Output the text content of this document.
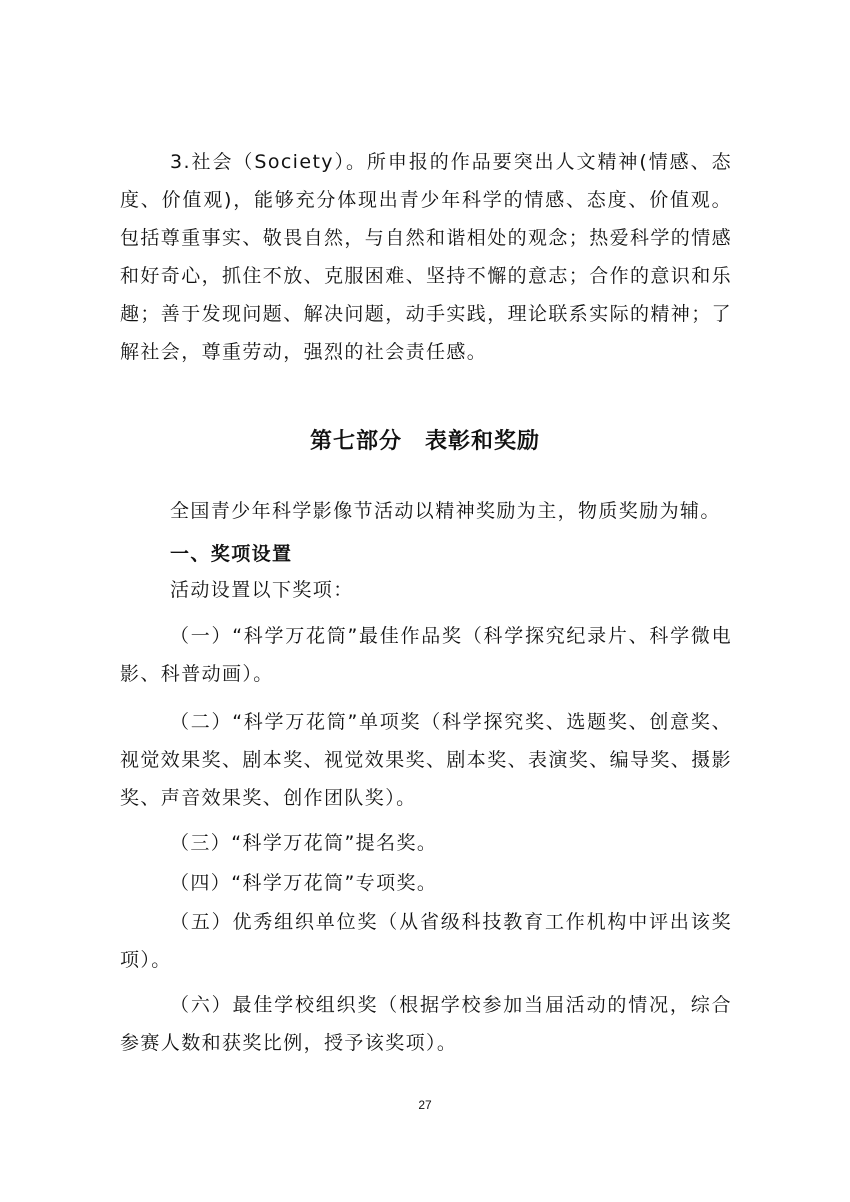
3.社会（Society）。所申报的作品要突出人文精神(情感、态度、价值观)，能够充分体现出青少年科学的情感、态度、价值观。包括尊重事实、敬畏自然，与自然和谐相处的观念；热爱科学的情感和好奇心，抓住不放、克服困难、坚持不懈的意志；合作的意识和乐趣；善于发现问题、解决问题，动手实践，理论联系实际的精神；了解社会，尊重劳动，强烈的社会责任感。

第七部分　表彰和奖励

全国青少年科学影像节活动以精神奖励为主，物质奖励为辅。

一、奖项设置

活动设置以下奖项：

（一）“科学万花筒”最佳作品奖（科学探究纪录片、科学微电影、科普动画）。

（二）“科学万花筒”单项奖（科学探究奖、选题奖、创意奖、视觉效果奖、剧本奖、视觉效果奖、剧本奖、表演奖、编导奖、摄影奖、声音效果奖、创作团队奖）。

（三）“科学万花筒”提名奖。

（四）“科学万花筒”专项奖。

（五）优秀组织单位奖（从省级科技教育工作机构中评出该奖项）。

（六）最佳学校组织奖（根据学校参加当届活动的情况，综合参赛人数和获奖比例，授予该奖项）。

27
